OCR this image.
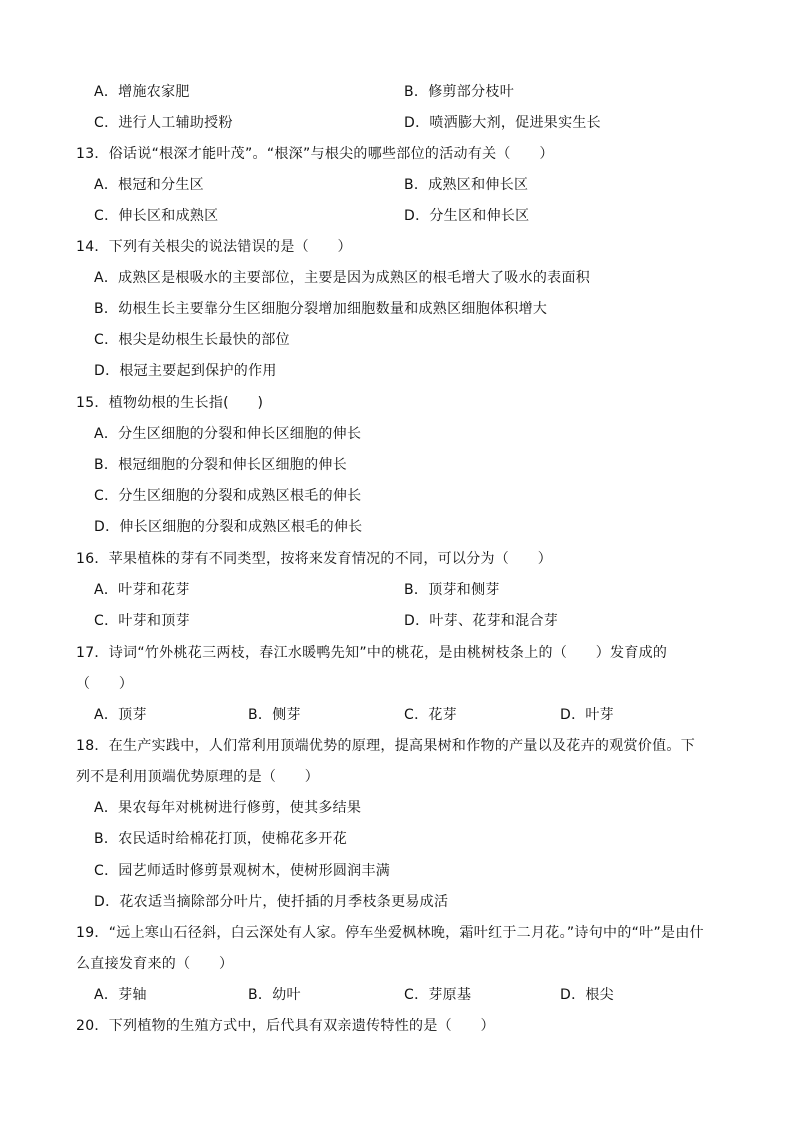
A．增施农家肥	B．修剪部分枝叶
C．进行人工辅助授粉	D．喷洒膨大剂，促进果实生长
13．俗话说“根深才能叶茂”。“根深”与根尖的哪些部位的活动有关（　　）
A．根冠和分生区	B．成熟区和伸长区
C．伸长区和成熟区	D．分生区和伸长区
14．下列有关根尖的说法错误的是（　　）
A．成熟区是根吸水的主要部位，主要是因为成熟区的根毛增大了吸水的表面积
B．幼根生长主要靠分生区细胞分裂增加细胞数量和成熟区细胞体积增大
C．根尖是幼根生长最快的部位
D．根冠主要起到保护的作用
15．植物幼根的生长指(　　)
A．分生区细胞的分裂和伸长区细胞的伸长
B．根冠细胞的分裂和伸长区细胞的伸长
C．分生区细胞的分裂和成熟区根毛的伸长
D．伸长区细胞的分裂和成熟区根毛的伸长
16．苹果植株的芽有不同类型，按将来发育情况的不同，可以分为（　　）
A．叶芽和花芽	B．顶芽和侧芽
C．叶芽和顶芽	D．叶芽、花芽和混合芽
17．诗词“竹外桃花三两枝，春江水暖鸭先知”中的桃花，是由桃树枝条上的（　　）发育成的
（　　）
A．顶芽	B．侧芽	C．花芽	D．叶芽
18．在生产实践中，人们常利用顶端优势的原理，提高果树和作物的产量以及花卉的观赏价值。下
列不是利用顶端优势原理的是（　　）
A．果农每年对桃树进行修剪，使其多结果
B．农民适时给棉花打顶，使棉花多开花
C．园艺师适时修剪景观树木，使树形圆润丰满
D．花农适当摘除部分叶片，使扦插的月季枝条更易成活
19．“远上寒山石径斜，白云深处有人家。停车坐爱枫林晚，霜叶红于二月花。”诗句中的“叶”是由什
么直接发育来的（　　）
A．芽轴	B．幼叶	C．芽原基	D．根尖
20．下列植物的生殖方式中，后代具有双亲遗传特性的是（　　）
